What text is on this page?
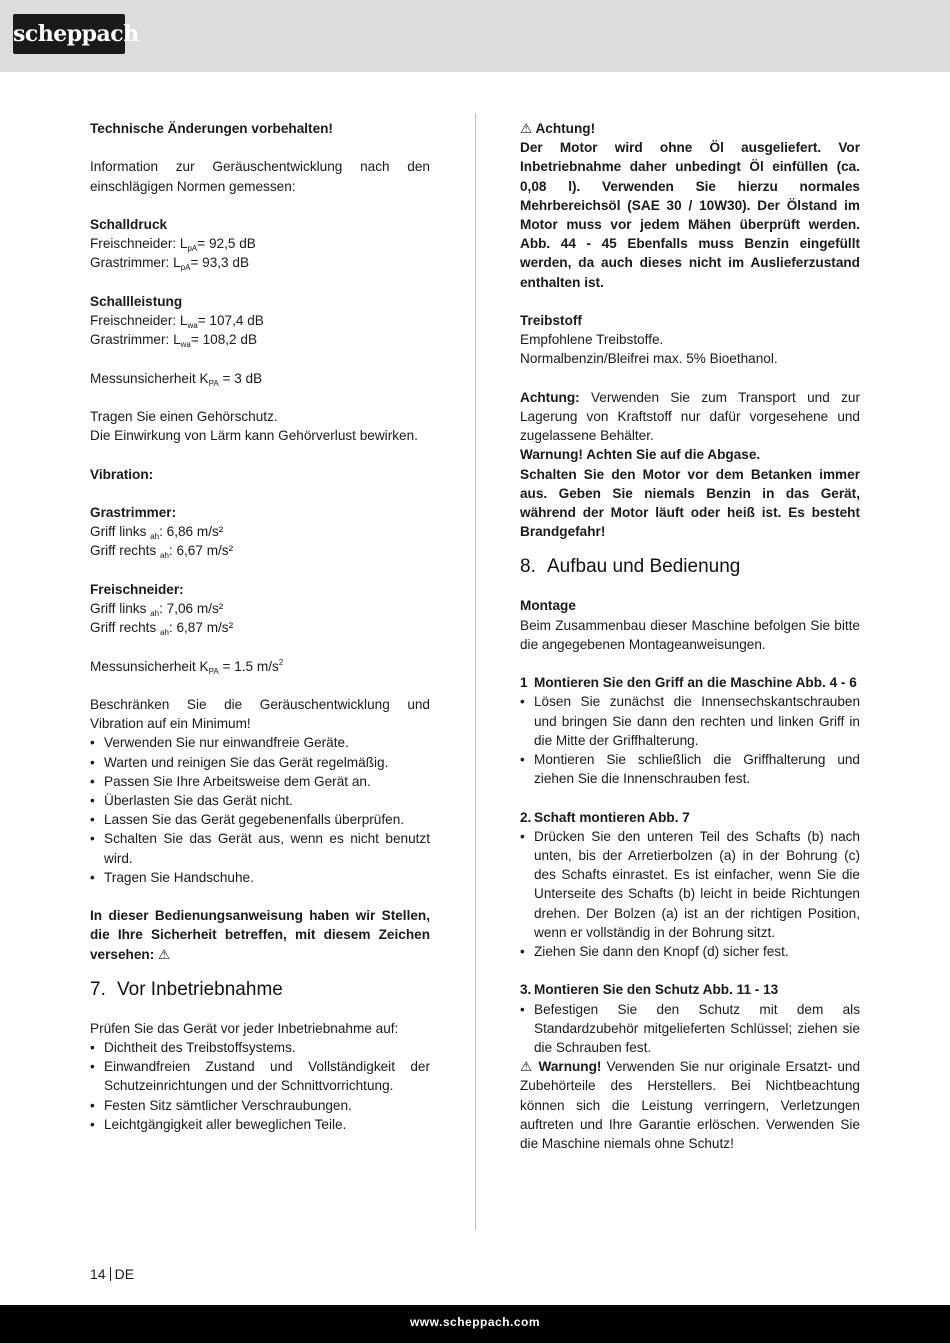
scheppach

Technische Änderungen vorbehalten!

Information zur Geräuschentwicklung nach den einschlägigen Normen gemessen:

Schalldruck

Freischneider: $L_{pA}= 92,5$ dB

Grastrimmer: $L_{pA}= 93,3$ dB

Schallleistung

Freischneider: $L_{wa}= 107,4$ dB

Grastrimmer: $L_{wa}= 108,2$ dB

Messunsicherheit $K_{PA} = 3$ dB

Tragen Sie einen Gehörschutz.

Die Einwirkung von Lärm kann Gehörverlust bewirken.

Vibration:

Grastrimmer:

Griff links $_{ah}$: 6,86 m/s²

Griff rechts $_{ah}$: 6,67 m/s²

Freischneider:

Griff links $_{ah}$: 7,06 m/s²

Griff rechts $_{ah}$: 6,87 m/s²

Messunsicherheit $K_{PA} = 1.5$ $m/s^2$

Beschränken Sie die Geräuschentwicklung und Vibration auf ein Minimum!

• Verwenden Sie nur einwandfreie Geräte.
• Warten und reinigen Sie das Gerät regelmäßig.
• Passen Sie Ihre Arbeitsweise dem Gerät an.
• Überlasten Sie das Gerät nicht.
• Lassen Sie das Gerät gegebenenfalls überprüfen.
• Schalten Sie das Gerät aus, wenn es nicht benutzt wird.
• Tragen Sie Handschuhe.

In dieser Bedienungsanweisung haben wir Stellen, die Ihre Sicherheit betreffen, mit diesem Zeichen versehen: ⚠

7. Vor Inbetriebnahme

Prüfen Sie das Gerät vor jeder Inbetriebnahme auf:

• Dichtheit des Treibstoffsystems.
• Einwandfreien Zustand und Vollständigkeit der Schutzeinrichtungen und der Schnittvorrichtung.
• Festen Sitz sämtlicher Verschraubungen.
• Leichtgängigkeit aller beweglichen Teile.

⚠ Achtung!

Der Motor wird ohne Öl ausgeliefert. Vor Inbetriebnahme daher unbedingt Öl einfüllen (ca. 0,08 l). Verwenden Sie hierzu normales Mehrbereichsöl (SAE 30 / 10W30). Der Ölstand im Motor muss vor jedem Mähen überprüft werden. Abb. 44 - 45 Ebenfalls muss Benzin eingefüllt werden, da auch dieses nicht im Auslieferzustand enthalten ist.

Treibstoff

Empfohlene Treibstoffe.

Normalbenzin/Bleifrei max. 5% Bioethanol.

Achtung: Verwenden Sie zum Transport und zur Lagerung von Kraftstoff nur dafür vorgesehene und zugelassene Behälter.

Warnung! Achten Sie auf die Abgase.

Schalten Sie den Motor vor dem Betanken immer aus. Geben Sie niemals Benzin in das Gerät, während der Motor läuft oder heiß ist. Es besteht Brandgefahr!

8. Aufbau und Bedienung

Montage

Beim Zusammenbau dieser Maschine befolgen Sie bitte die angegebenen Montageanweisungen.

1 Montieren Sie den Griff an die Maschine Abb. 4 - 6

• Lösen Sie zunächst die Innensechskantschrauben und bringen Sie dann den rechten und linken Griff in die Mitte der Griffhalterung.
• Montieren Sie schließlich die Griffhalterung und ziehen Sie die Innenschrauben fest.

2. Schaft montieren Abb. 7

• Drücken Sie den unteren Teil des Schafts (b) nach unten, bis der Arretierbolzen (a) in der Bohrung (c) des Schafts einrastet. Es ist einfacher, wenn Sie die Unterseite des Schafts (b) leicht in beide Richtungen drehen. Der Bolzen (a) ist an der richtigen Position, wenn er vollständig in der Bohrung sitzt.
• Ziehen Sie dann den Knopf (d) sicher fest.

3. Montieren Sie den Schutz Abb. 11 - 13

• Befestigen Sie den Schutz mit dem als Standardzubehör mitgelieferten Schlüssel; ziehen sie die Schrauben fest.

⚠ Warnung! Verwenden Sie nur originale Ersatzt- und Zubehörteile des Herstellers. Bei Nichtbeachtung können sich die Leistung verringern, Verletzungen auftreten und Ihre Garantie erlöschen. Verwenden Sie die Maschine niemals ohne Schutz!

14 DE
www.scheppach.com
